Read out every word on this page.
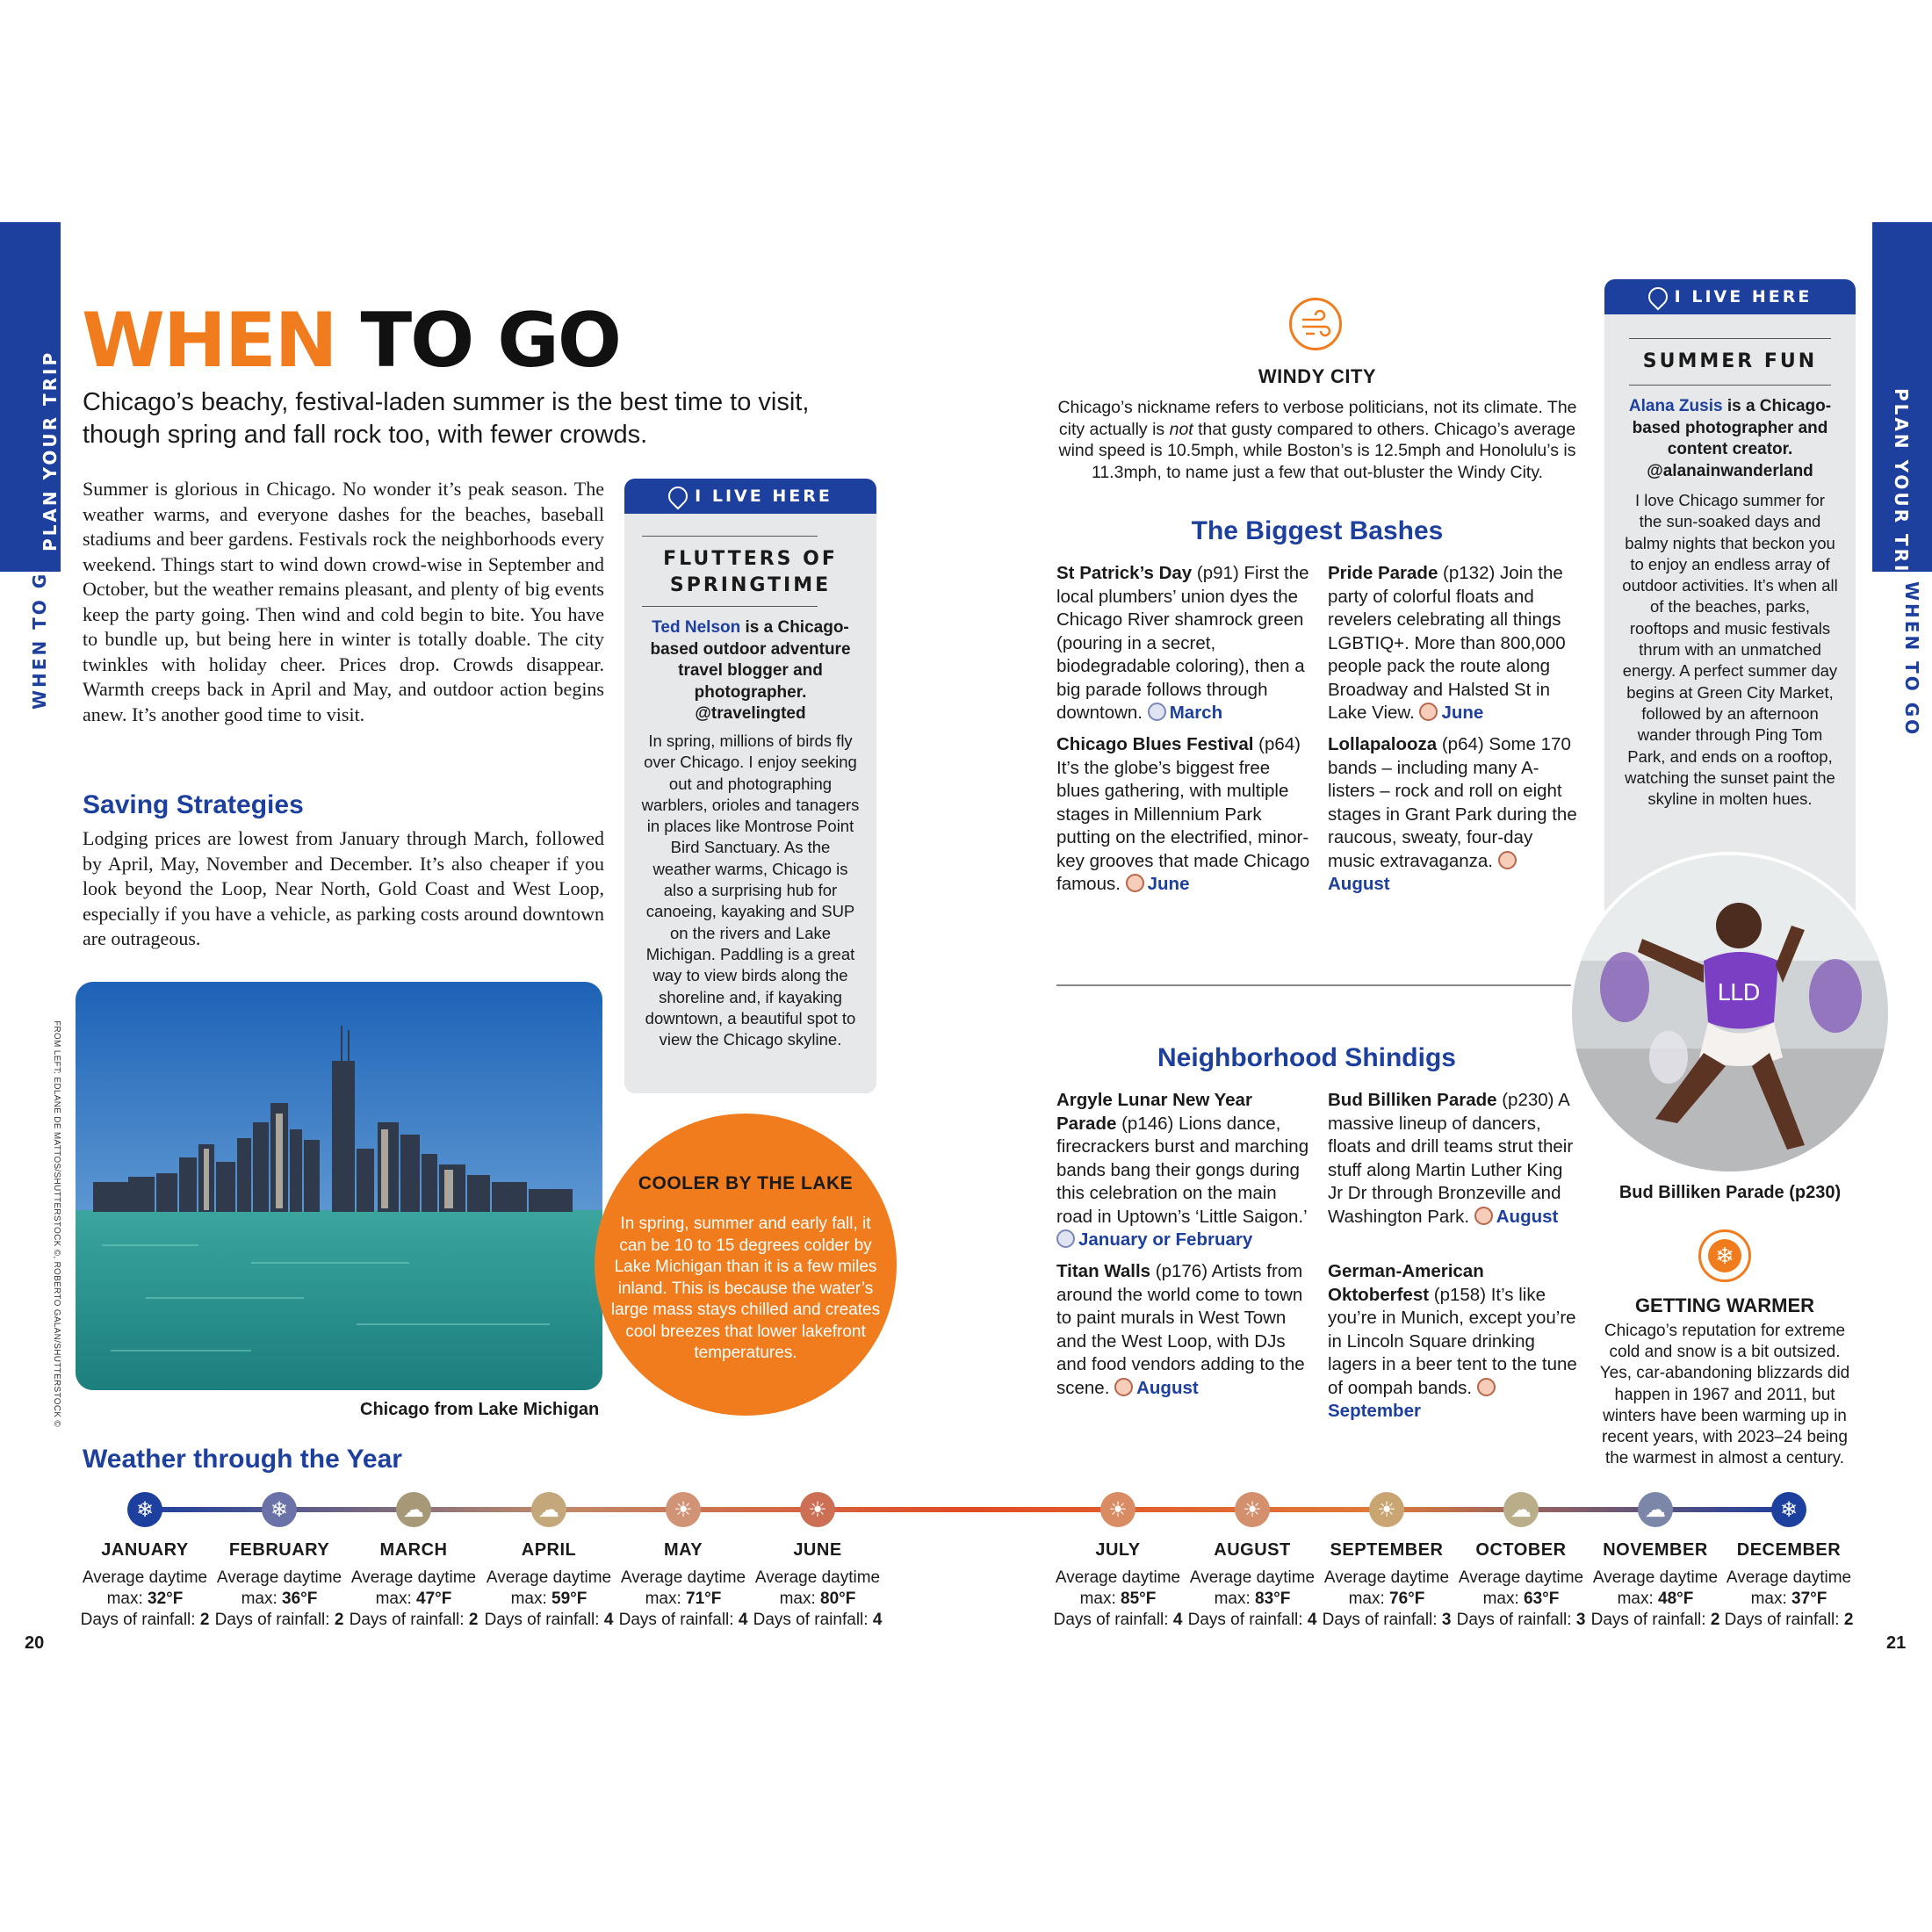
PLAN YOUR TRIP
WHEN TO GO
PLAN YOUR TRIP
WHEN TO GO
WHEN TO GO
Chicago’s beachy, festival-laden summer is the best time to visit,
though spring and fall rock too, with fewer crowds.
Summer is glorious in Chicago. No wonder it’s peak season. The weather warms, and everyone dashes for the beaches, baseball stadiums and beer gardens. Festivals rock the neighborhoods every weekend. Things start to wind down crowd-wise in September and October, but the weather remains pleasant, and plenty of big events keep the party going. Then wind and cold begin to bite. You have to bundle up, but being here in winter is totally doable. The city twinkles with holiday cheer. Prices drop. Crowds disappear. Warmth creeps back in April and May, and outdoor action begins anew. It’s another good time to visit.
Saving Strategies
Lodging prices are lowest from January through March, followed by April, May, November and December. It’s also cheaper if you look beyond the Loop, Near North, Gold Coast and West Loop, especially if you have a vehicle, as parking costs around downtown are outrageous.
FROM LEFT: EDLANE DE MATTOS/SHUTTERSTOCK ©, ROBERTO GALAN/SHUTTERSTOCK ©	Chicago from Lake Michigan
I LIVE HERE
FLUTTERS OF
SPRINGTIME
Ted Nelson is a Chicago-based outdoor adventure travel blogger and photographer. @travelingted
In spring, millions of birds fly over Chicago. I enjoy seeking out and photographing warblers, orioles and tanagers in places like Montrose Point Bird Sanctuary. As the weather warms, Chicago is also a surprising hub for canoeing, kayaking and SUP on the rivers and Lake Michigan. Paddling is a great way to view birds along the shoreline and, if kayaking downtown, a beautiful spot to view the Chicago skyline.
COOLER BY THE LAKE
In spring, summer and early fall, it can be 10 to 15 degrees colder by Lake Michigan than it is a few miles inland. This is because the water’s large mass stays chilled and creates cool breezes that lower lakefront temperatures.
WINDY CITY
Chicago’s nickname refers to verbose politicians, not its climate. The city actually is not that gusty compared to others. Chicago’s average wind speed is 10.5mph, while Boston’s is 12.5mph and Honolulu’s is 11.3mph, to name just a few that out-bluster the Windy City.
The Biggest Bashes
St Patrick’s Day (p91) First the local plumbers’ union dyes the Chicago River shamrock green (pouring in a secret, biodegradable coloring), then a big parade follows through downtown. March
Pride Parade (p132) Join the party of colorful floats and revelers celebrating all things LGBTIQ+. More than 800,000 people pack the route along Broadway and Halsted St in Lake View. June
Chicago Blues Festival (p64) It’s the globe’s biggest free blues gathering, with multiple stages in Millennium Park putting on the electrified, minor-key grooves that made Chicago famous. June
Lollapalooza (p64) Some 170 bands – including many A-listers – rock and roll on eight stages in Grant Park during the raucous, sweaty, four-day music extravaganza. August
Neighborhood Shindigs
Argyle Lunar New Year Parade (p146) Lions dance, firecrackers burst and marching bands bang their gongs during this celebration on the main road in Uptown’s ‘Little Saigon.’ January or February
Bud Billiken Parade (p230) A massive lineup of dancers, floats and drill teams strut their stuff along Martin Luther King Jr Dr through Bronzeville and Washington Park. August
Titan Walls (p176) Artists from around the world come to town to paint murals in West Town and the West Loop, with DJs and food vendors adding to the scene. August
German-American Oktoberfest (p158) It’s like you’re in Munich, except you’re in Lincoln Square drinking lagers in a beer tent to the tune of oompah bands. September
I LIVE HERE
SUMMER FUN
Alana Zusis is a Chicago-based photographer and content creator. @alanainwanderland
I love Chicago summer for the sun-soaked days and balmy nights that beckon you to enjoy an endless array of outdoor activities. It’s when all of the beaches, parks, rooftops and music festivals thrum with an unmatched energy. A perfect summer day begins at Green City Market, followed by an afternoon wander through Ping Tom Park, and ends on a rooftop, watching the sunset paint the skyline in molten hues.
LLD
Bud Billiken Parade (p230)
❄
GETTING WARMER
Chicago’s reputation for extreme cold and snow is a bit outsized. Yes, car-abandoning blizzards did happen in 1967 and 2011, but winters have been warming up in recent years, with 2023–24 being the warmest in almost a century.
Weather through the Year
❄	❄	☁	☁	☀	☀	☀	☀	☀	☁	☁	❄
JANUARY
Average daytime max: 32°F
Days of rainfall: 2
FEBRUARY
Average daytime max: 36°F
Days of rainfall: 2
MARCH
Average daytime max: 47°F
Days of rainfall: 2
APRIL
Average daytime max: 59°F
Days of rainfall: 4
MAY
Average daytime max: 71°F
Days of rainfall: 4
JUNE
Average daytime max: 80°F
Days of rainfall: 4
JULY
Average daytime max: 85°F
Days of rainfall: 4
AUGUST
Average daytime max: 83°F
Days of rainfall: 4
SEPTEMBER
Average daytime max: 76°F
Days of rainfall: 3
OCTOBER
Average daytime max: 63°F
Days of rainfall: 3
NOVEMBER
Average daytime max: 48°F
Days of rainfall: 2
DECEMBER
Average daytime max: 37°F
Days of rainfall: 2
20	21
